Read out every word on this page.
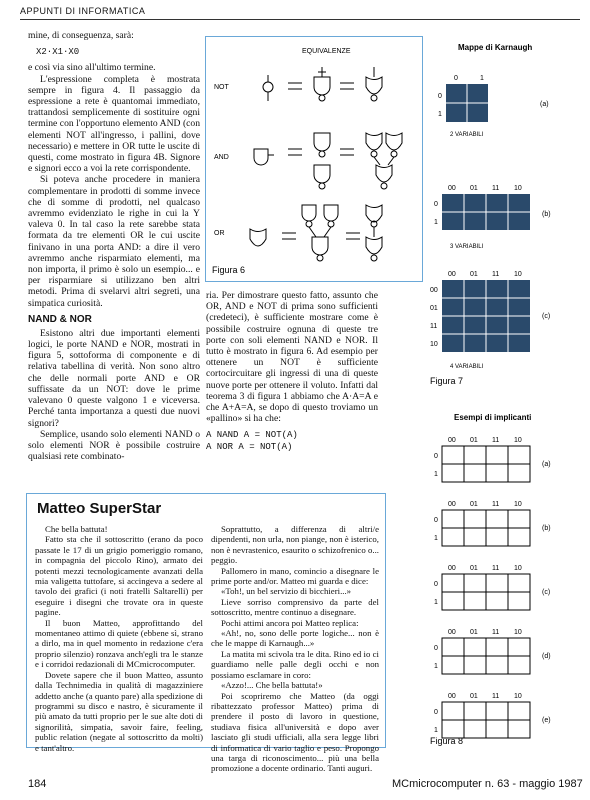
APPUNTI DI INFORMATICA

mine, di conseguenza, sarà:

X2·X1·X0

e così via sino all'ultimo termine.

L'espressione completa è mostrata sempre in figura 4. Il passaggio da espressione a rete è quantomai immediato, trattandosi semplicemente di sostituire ogni termine con l'opportuno elemento AND (con elementi NOT all'ingresso, i pallini, dove necessario) e mettere in OR tutte le uscite di questi, come mostrato in figura 4B. Signore e signori ecco a voi la rete corrispondente.

Si poteva anche procedere in maniera complementare in prodotti di somme invece che di somme di prodotti, nel qualcaso avremmo evidenziato le righe in cui la Y valeva 0. In tal caso la rete sarebbe stata formata da tre elementi OR le cui uscite finivano in una porta AND: a dire il vero avremmo anche risparmiato elementi, ma non importa, il primo è solo un esempio... e per risparmiare si utilizzano ben altri metodi. Prima di svelarvi altri segreti, una simpatica curiosità.

NAND & NOR

Esistono altri due importanti elementi logici, le porte NAND e NOR, mostrati in figura 5, sottoforma di componente e di relativa tabellina di verità. Non sono altro che delle normali porte AND e OR suffissate da un NOT: dove le prime valevano 0 queste valgono 1 e viceversa. Perché tanta importanza a questi due nuovi signori?

Semplice, usando solo elementi NAND o solo elementi NOR è possibile costruire qualsiasi rete combinato-

EQUIVALENZE
NOT
AND
OR
Figura 6

ria. Per dimostrare questo fatto, assunto che OR, AND e NOT di prima sono sufficienti (credeteci), è sufficiente mostrare come è possibile costruire ognuna di queste tre porte con soli elementi NAND e NOR. Il tutto è mostrato in figura 6. Ad esempio per ottenere un NOT è sufficiente cortocircuitare gli ingressi di una di queste nuove porte per ottenere il voluto. Infatti dal teorema 3 di figura 1 abbiamo che A·A=A e che A+A=A, se dopo di questo troviamo un «pallino» si ha che:

A NAND A = NOT(A)

A NOR A = NOT(A)

Mappe di Karnaugh
0	1
0
1
(a)
2 VARIABILI
00 01 11 10
0
1
(b)
3 VARIABILI
00 01 11 10
00
01
11
10
(c)
4 VARIABILI
Figura 7
Esempi di implicanti
00 01 11 10
0
1
(a)
00 01 11 10
0
1
(b)
00 01 11 10
0
1
(c)
00 01 11 10
0
1
(d)
00 01 11 10
0
1
(e)
Figura 8
Matteo SuperStar

Che bella battuta!

Fatto sta che il sottoscritto (erano da poco passate le 17 di un grigio pomeriggio romano, in compagnia del piccolo Rino), armato dei potenti mezzi tecnologicamente avanzati della mia valigetta tuttofare, si accingeva a sedere al tavolo dei grafici (i noti fratelli Saltarelli) per eseguire i disegni che trovate ora in queste pagine.

Il buon Matteo, approfittando del momentaneo attimo di quiete (ebbene sì, strano a dirlo, ma in quel momento in redazione c'era proprio silenzio) ronzava anch'egli tra le stanze e i corridoi redazionali di MCmicrocomputer.

Dovete sapere che il buon Matteo, assunto dalla Technimedia in qualità di magazziniere addetto anche (a quanto pare) alla spedizione di programmi su disco e nastro, è sicuramente il più amato da tutti proprio per le sue alte doti di signorilità, simpatia, savoir faire, feeling, public relation (negate al sottoscritto da molti) e tant'altro.

Soprattutto, a differenza di altri/e dipendenti, non urla, non piange, non è isterico, non è nevrastenico, esaurito o schizofrenico o... peggio.

Pallomero in mano, comincio a disegnare le prime porte and/or. Matteo mi guarda e dice:

«Toh!, un bel servizio di bicchieri...»

Lieve sorriso comprensivo da parte del sottoscritto, mentre continuo a disegnare.

Pochi attimi ancora poi Matteo replica:

«Ah!, no, sono delle porte logiche... non è che le mappe di Karnaugh...»

La matita mi scivola tra le dita. Rino ed io ci guardiamo nelle palle degli occhi e non possiamo esclamare in coro:

«Azzo!... Che bella battuta!»

Poi scopriremo che Matteo (da oggi ribattezzato professor Matteo) prima di prendere il posto di lavoro in questione, studiava fisica all'università e dopo aver lasciato gli studi ufficiali, alla sera legge libri di informatica di vario taglio e peso. Propongo una targa di riconoscimento... più una bella promozione a docente ordinario. Tanti auguri.

184	MCmicrocomputer n. 63 - maggio 1987
